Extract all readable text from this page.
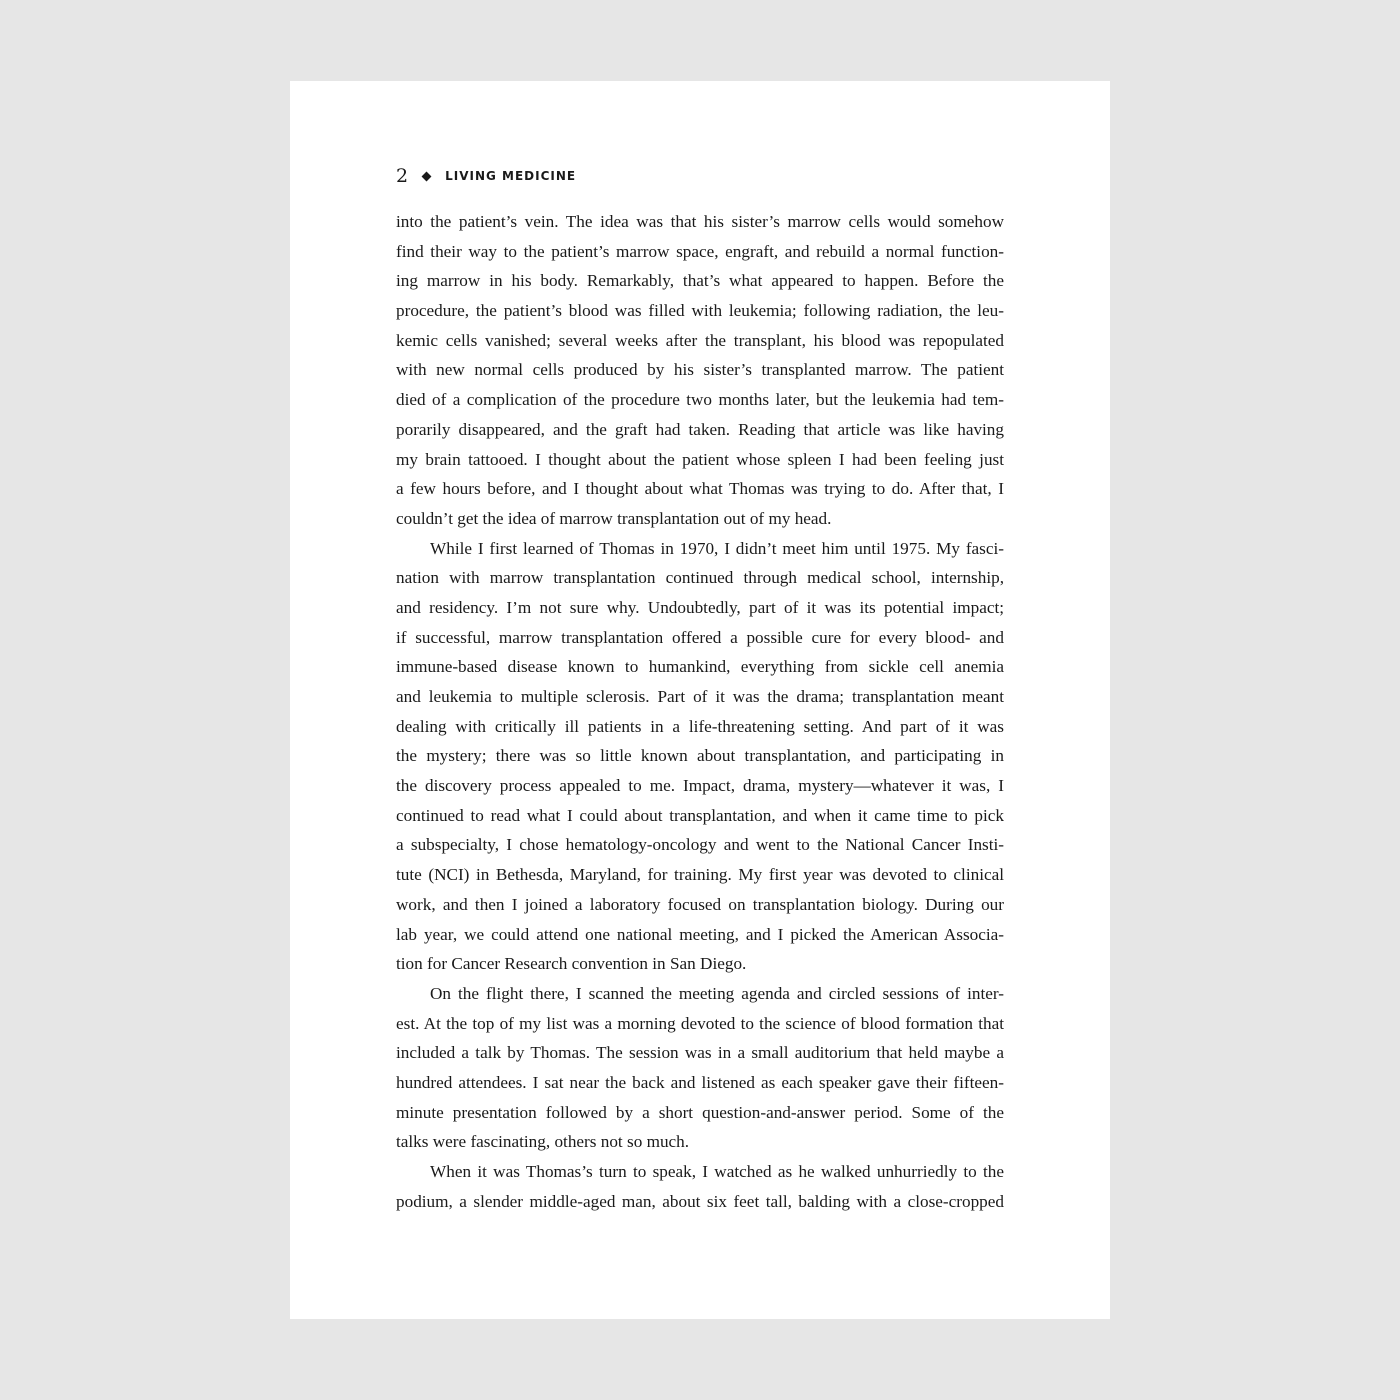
2	LIVING MEDICINE
into the patient’s vein. The idea was that his sister’s marrow cells would somehow
find their way to the patient’s marrow space, engraft, and rebuild a normal function-
ing marrow in his body. Remarkably, that’s what appeared to happen. Before the
procedure, the patient’s blood was filled with leukemia; following radiation, the leu-
kemic cells vanished; several weeks after the transplant, his blood was repopulated
with new normal cells produced by his sister’s transplanted marrow. The patient
died of a complication of the procedure two months later, but the leukemia had tem-
porarily disappeared, and the graft had taken. Reading that article was like having
my brain tattooed. I thought about the patient whose spleen I had been feeling just
a few hours before, and I thought about what Thomas was trying to do. After that, I
couldn’t get the idea of marrow transplantation out of my head.
While I first learned of Thomas in 1970, I didn’t meet him until 1975. My fasci-
nation with marrow transplantation continued through medical school, internship,
and residency. I’m not sure why. Undoubtedly, part of it was its potential impact;
if successful, marrow transplantation offered a possible cure for every blood- and
immune-based disease known to humankind, everything from sickle cell anemia
and leukemia to multiple sclerosis. Part of it was the drama; transplantation meant
dealing with critically ill patients in a life-threatening setting. And part of it was
the mystery; there was so little known about transplantation, and participating in
the discovery process appealed to me. Impact, drama, mystery—whatever it was, I
continued to read what I could about transplantation, and when it came time to pick
a subspecialty, I chose hematology-oncology and went to the National Cancer Insti-
tute (NCI) in Bethesda, Maryland, for training. My first year was devoted to clinical
work, and then I joined a laboratory focused on transplantation biology. During our
lab year, we could attend one national meeting, and I picked the American Associa-
tion for Cancer Research convention in San Diego.
On the flight there, I scanned the meeting agenda and circled sessions of inter-
est. At the top of my list was a morning devoted to the science of blood formation that
included a talk by Thomas. The session was in a small auditorium that held maybe a
hundred attendees. I sat near the back and listened as each speaker gave their fifteen-
minute presentation followed by a short question-and-answer period. Some of the
talks were fascinating, others not so much.
When it was Thomas’s turn to speak, I watched as he walked unhurriedly to the
podium, a slender middle-aged man, about six feet tall, balding with a close-cropped
